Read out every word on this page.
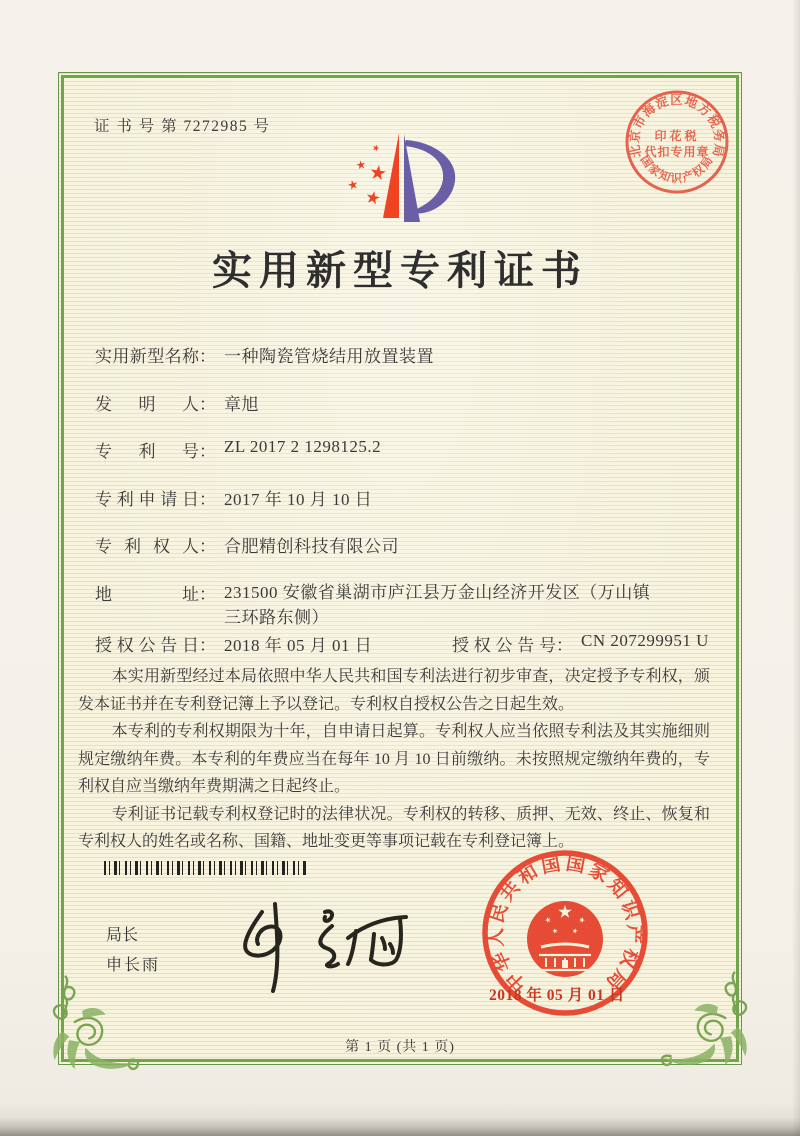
证 书 号 第 7272985 号
北京市海淀区地方税务局
印花税
代扣专用章
国家知识产权局
实用新型专利证书
实用新型名称： 一种陶瓷管烧结用放置装置
发明人： 章旭
专利号： ZL 2017 2 1298125.2
专利申请日： 2017 年 10 月 10 日
专利权人： 合肥精创科技有限公司
地址： 231500 安徽省巢湖市庐江县万金山经济开发区（万山镇三环路东侧）
授权公告日： 2018 年 05 月 01 日	授权公告号： CN 207299951 U

本实用新型经过本局依照中华人民共和国专利法进行初步审查，决定授予专利权，颁发本证书并在专利登记簿上予以登记。专利权自授权公告之日起生效。

本专利的专利权期限为十年，自申请日起算。专利权人应当依照专利法及其实施细则规定缴纳年费。本专利的年费应当在每年 10 月 10 日前缴纳。未按照规定缴纳年费的，专利权自应当缴纳年费期满之日起终止。

专利证书记载专利权登记时的法律状况。专利权的转移、质押、无效、终止、恢复和专利权人的姓名或名称、国籍、地址变更等事项记载在专利登记簿上。

局长
申长雨	中华人民共和国国家知识产权局
2018 年 05 月 01 日
第 1 页 (共 1 页)
